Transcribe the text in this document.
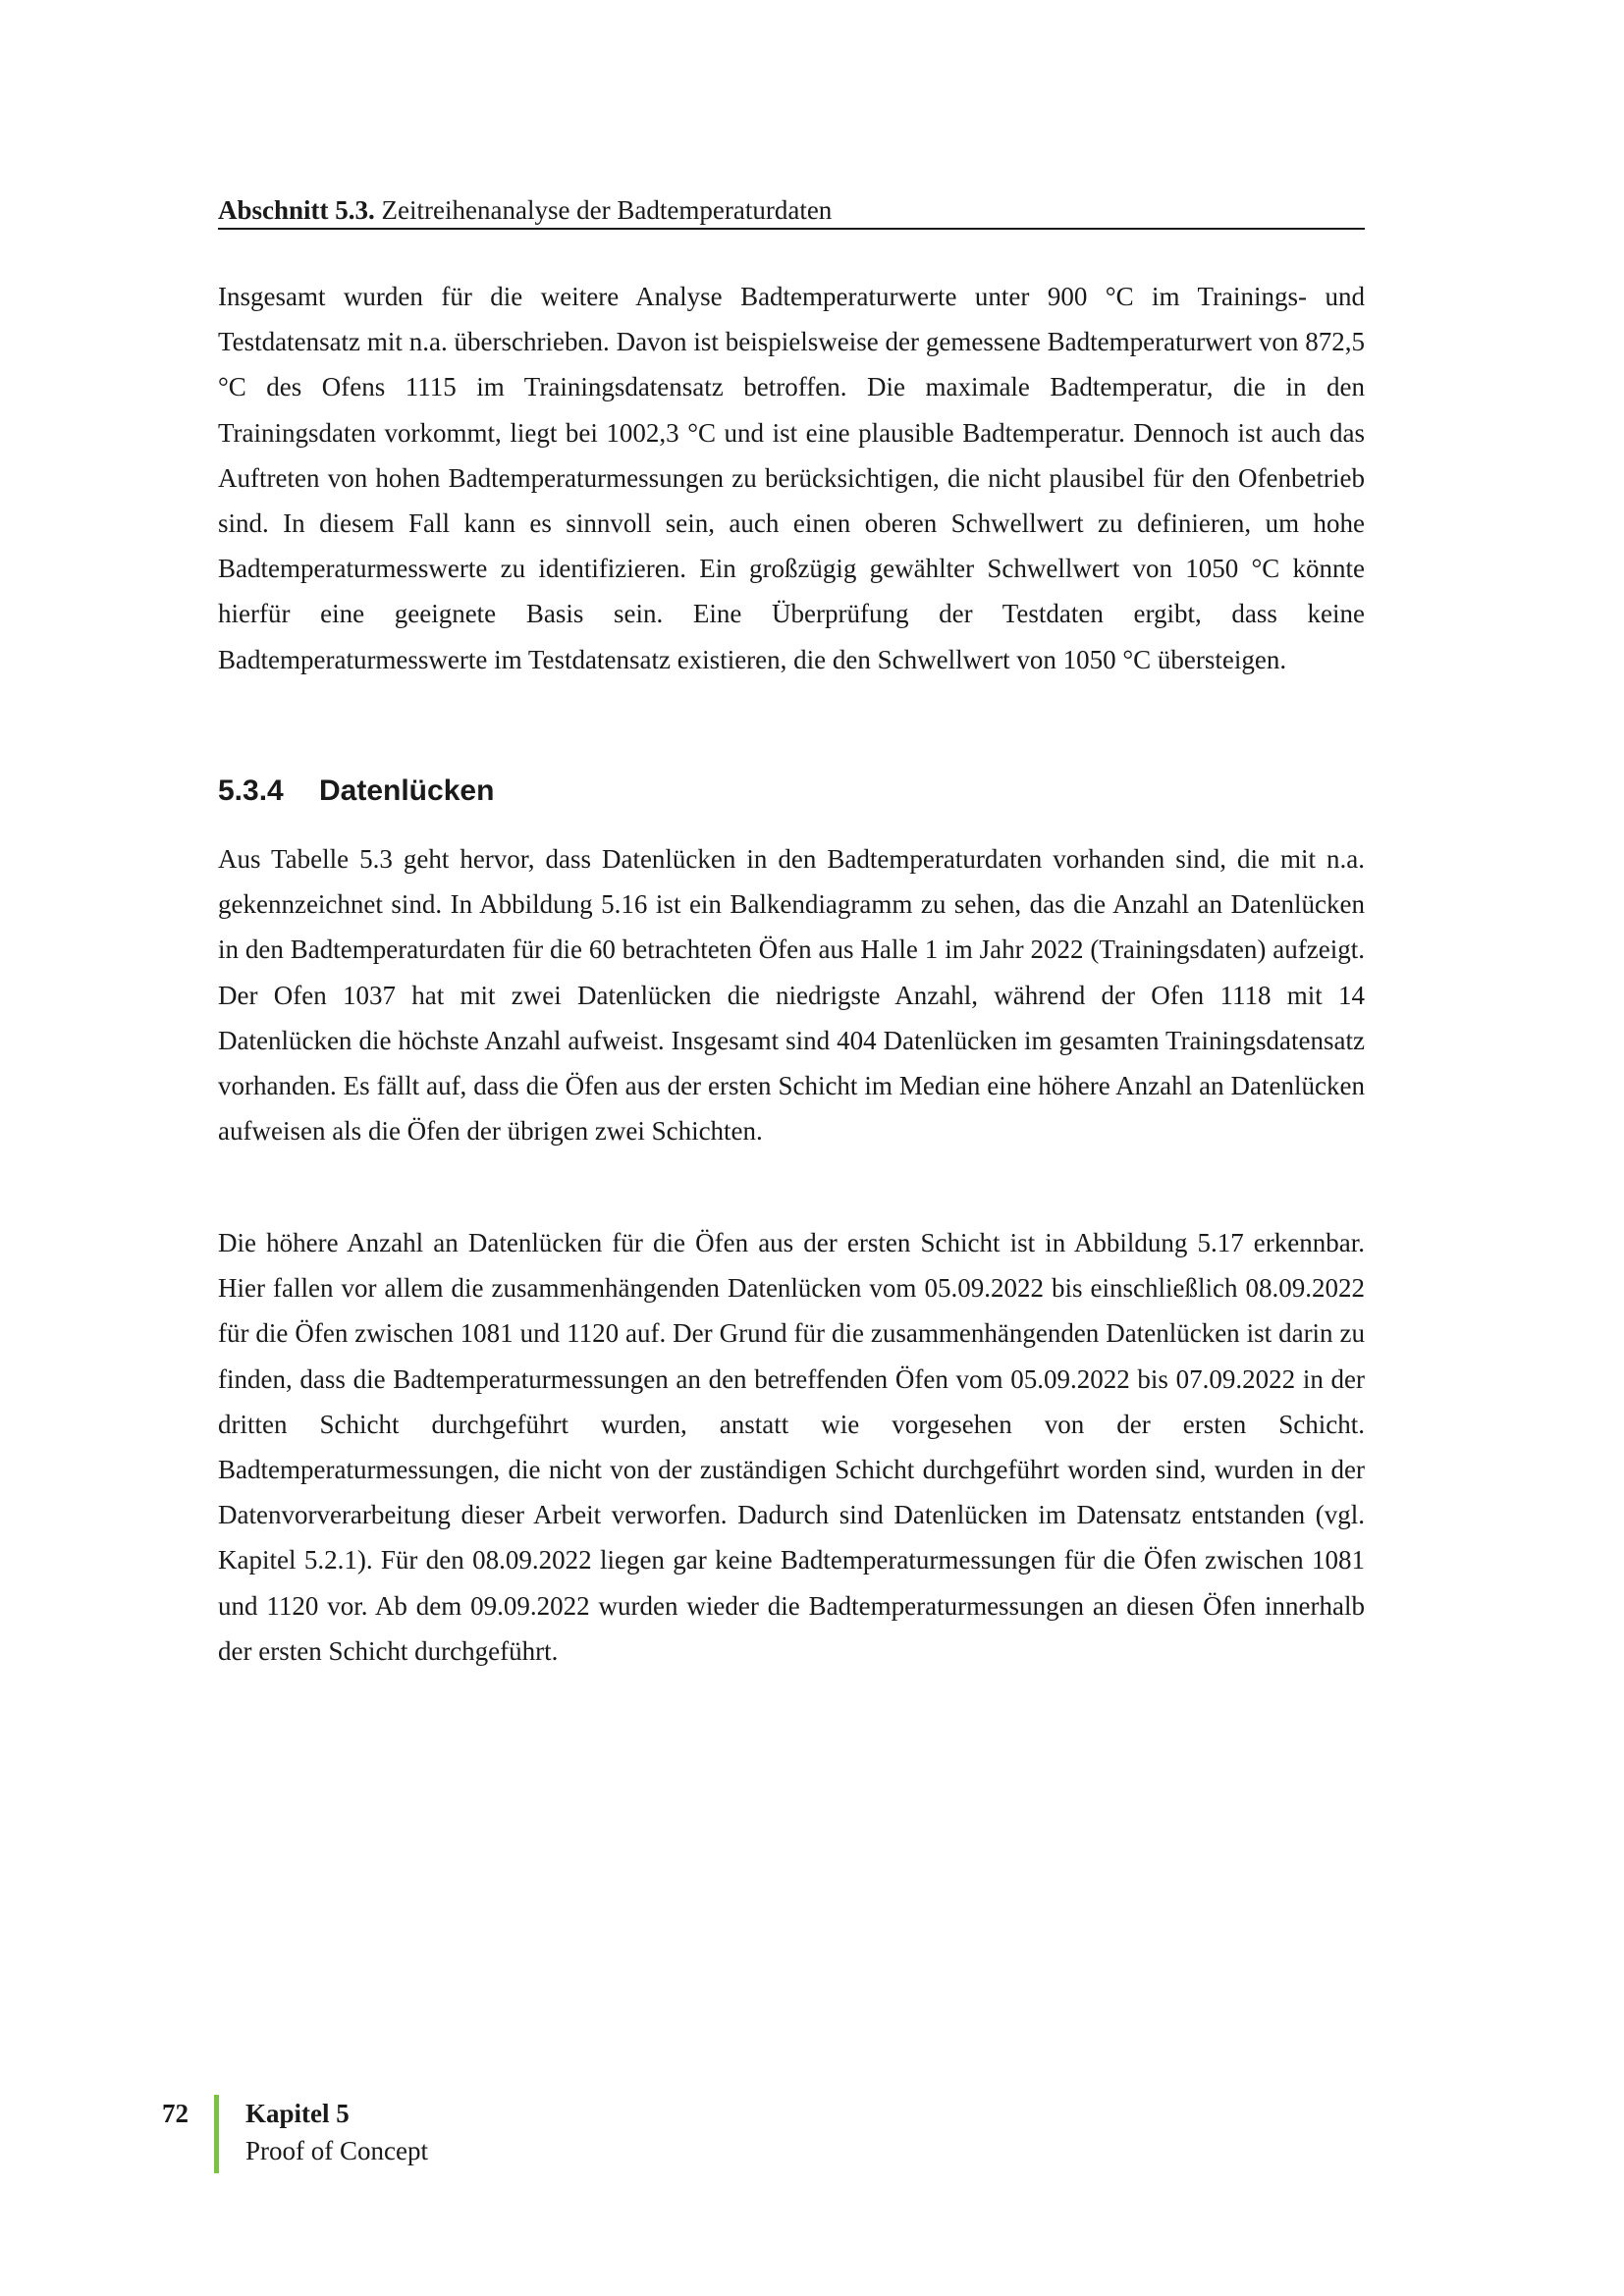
Abschnitt 5.3. Zeitreihenanalyse der Badtemperaturdaten

Insgesamt wurden für die weitere Analyse Badtemperaturwerte unter 900 °C im Trainings- und Testdatensatz mit n.a. überschrieben. Davon ist beispielsweise der gemessene Badtemperaturwert von 872,5 °C des Ofens 1115 im Trainingsdatensatz betroffen. Die maximale Badtemperatur, die in den Trainingsdaten vorkommt, liegt bei 1002,3 °C und ist eine plausible Badtemperatur. Dennoch ist auch das Auftreten von hohen Badtemperaturmessungen zu berücksichtigen, die nicht plausibel für den Ofenbetrieb sind. In diesem Fall kann es sinnvoll sein, auch einen oberen Schwellwert zu definieren, um hohe Badtemperaturmesswerte zu identifizieren. Ein großzügig gewählter Schwellwert von 1050 °C könnte hierfür eine geeignete Basis sein. Eine Überprüfung der Testdaten ergibt, dass keine Badtemperaturmesswerte im Testdatensatz existieren, die den Schwellwert von 1050 °C übersteigen.

5.3.4 Datenlücken

Aus Tabelle 5.3 geht hervor, dass Datenlücken in den Badtemperaturdaten vorhanden sind, die mit n.a. gekennzeichnet sind. In Abbildung 5.16 ist ein Balkendiagramm zu sehen, das die Anzahl an Datenlücken in den Badtemperaturdaten für die 60 betrachteten Öfen aus Halle 1 im Jahr 2022 (Trainingsdaten) aufzeigt. Der Ofen 1037 hat mit zwei Datenlücken die niedrigste Anzahl, während der Ofen 1118 mit 14 Datenlücken die höchste Anzahl aufweist. Insgesamt sind 404 Datenlücken im gesamten Trainingsdatensatz vorhanden. Es fällt auf, dass die Öfen aus der ersten Schicht im Median eine höhere Anzahl an Datenlücken aufweisen als die Öfen der übrigen zwei Schichten.

Die höhere Anzahl an Datenlücken für die Öfen aus der ersten Schicht ist in Abbildung 5.17 erkennbar. Hier fallen vor allem die zusammenhängenden Datenlücken vom 05.09.2022 bis einschließlich 08.09.2022 für die Öfen zwischen 1081 und 1120 auf. Der Grund für die zusammenhängenden Datenlücken ist darin zu finden, dass die Badtemperaturmessungen an den betreffenden Öfen vom 05.09.2022 bis 07.09.2022 in der dritten Schicht durchgeführt wurden, anstatt wie vorgesehen von der ersten Schicht. Badtemperaturmessungen, die nicht von der zuständigen Schicht durchgeführt worden sind, wurden in der Datenvorverarbeitung dieser Arbeit verworfen. Dadurch sind Datenlücken im Datensatz entstanden (vgl. Kapitel 5.2.1). Für den 08.09.2022 liegen gar keine Badtemperaturmessungen für die Öfen zwischen 1081 und 1120 vor. Ab dem 09.09.2022 wurden wieder die Badtemperaturmessungen an diesen Öfen innerhalb der ersten Schicht durchgeführt.

72 Kapitel 5
Proof of Concept
